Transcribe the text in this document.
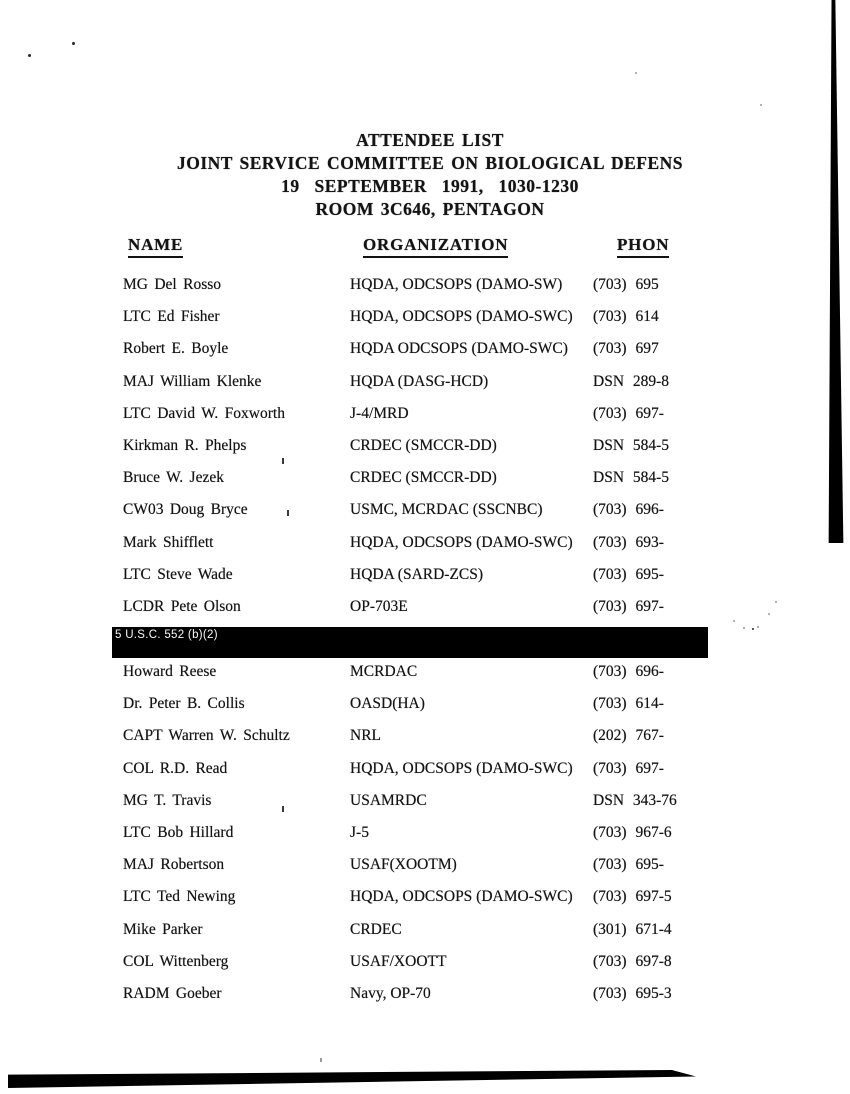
ATTENDEE LIST
JOINT SERVICE COMMITTEE ON BIOLOGICAL DEFENS
19 SEPTEMBER 1991, 1030-1230
ROOM 3C646, PENTAGON
NAME	ORGANIZATION	PHON
MG Del Rosso	HQDA, ODCSOPS (DAMO-SW)	(703) 695
LTC Ed Fisher	HQDA, ODCSOPS (DAMO-SWC)	(703) 614
Robert E. Boyle	HQDA ODCSOPS (DAMO-SWC)	(703) 697
MAJ William Klenke	HQDA (DASG-HCD)	DSN 289-8
LTC David W. Foxworth	J-4/MRD	(703) 697-
Kirkman R. Phelps	CRDEC (SMCCR-DD)	DSN 584-5
Bruce W. Jezek	CRDEC (SMCCR-DD)	DSN 584-5
CW03 Doug Bryce	USMC, MCRDAC (SSCNBC)	(703) 696-
Mark Shifflett	HQDA, ODCSOPS (DAMO-SWC)	(703) 693-
LTC Steve Wade	HQDA (SARD-ZCS)	(703) 695-
LCDR Pete Olson	OP-703E	(703) 697-
5 U.S.C. 552 (b)(2)
Howard Reese	MCRDAC	(703) 696-
Dr. Peter B. Collis	OASD(HA)	(703) 614-
CAPT Warren W. Schultz	NRL	(202) 767-
COL R.D. Read	HQDA, ODCSOPS (DAMO-SWC)	(703) 697-
MG T. Travis	USAMRDC	DSN 343-76
LTC Bob Hillard	J-5	(703) 967-6
MAJ Robertson	USAF(XOOTM)	(703) 695-
LTC Ted Newing	HQDA, ODCSOPS (DAMO-SWC)	(703) 697-5
Mike Parker	CRDEC	(301) 671-4
COL Wittenberg	USAF/XOOTT	(703) 697-8
RADM Goeber	Navy, OP-70	(703) 695-3
